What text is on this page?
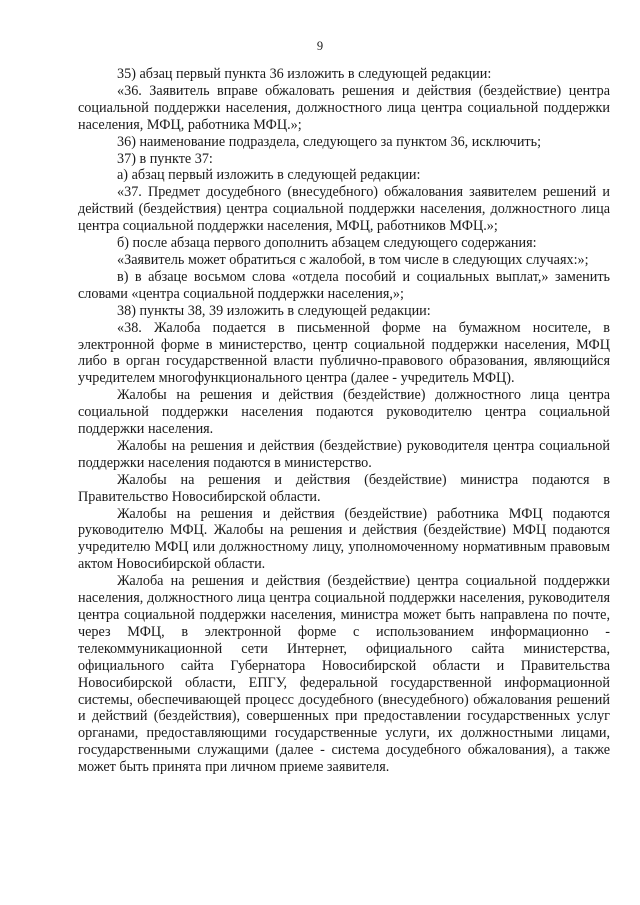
9

35) абзац первый пункта 36 изложить в следующей редакции:

«36. Заявитель вправе обжаловать решения и действия (бездействие) центра социальной поддержки населения, должностного лица центра социальной поддержки населения, МФЦ, работника МФЦ.»;

36) наименование подраздела, следующего за пунктом 36, исключить;

37) в пункте 37:

а) абзац первый изложить в следующей редакции:

«37. Предмет досудебного (внесудебного) обжалования заявителем решений и действий (бездействия) центра социальной поддержки населения, должностного лица центра социальной поддержки населения, МФЦ, работников МФЦ.»;

б) после абзаца первого дополнить абзацем следующего содержания:

«Заявитель может обратиться с жалобой, в том числе в следующих случаях:»;

в) в абзаце восьмом слова «отдела пособий и социальных выплат,» заменить словами «центра социальной поддержки населения,»;

38) пункты 38, 39 изложить в следующей редакции:

«38. Жалоба подается в письменной форме на бумажном носителе, в электронной форме в министерство, центр социальной поддержки населения, МФЦ либо в орган государственной власти публично-правового образования, являющийся учредителем многофункционального центра (далее - учредитель МФЦ).

Жалобы на решения и действия (бездействие) должностного лица центра социальной поддержки населения подаются руководителю центра социальной поддержки населения.

Жалобы на решения и действия (бездействие) руководителя центра социальной поддержки населения подаются в министерство.

Жалобы на решения и действия (бездействие) министра подаются в Правительство Новосибирской области.

Жалобы на решения и действия (бездействие) работника МФЦ подаются руководителю МФЦ. Жалобы на решения и действия (бездействие) МФЦ подаются учредителю МФЦ или должностному лицу, уполномоченному нормативным правовым актом Новосибирской области.

Жалоба на решения и действия (бездействие) центра социальной поддержки населения, должностного лица центра социальной поддержки населения, руководителя центра социальной поддержки населения, министра может быть направлена по почте, через МФЦ, в электронной форме с использованием информационно - телекоммуникационной сети Интернет, официального сайта министерства, официального сайта Губернатора Новосибирской области и Правительства Новосибирской области, ЕПГУ, федеральной государственной информационной системы, обеспечивающей процесс досудебного (внесудебного) обжалования решений и действий (бездействия), совершенных при предоставлении государственных услуг органами, предоставляющими государственные услуги, их должностными лицами, государственными служащими (далее - система досудебного обжалования), а также может быть принята при личном приеме заявителя.
